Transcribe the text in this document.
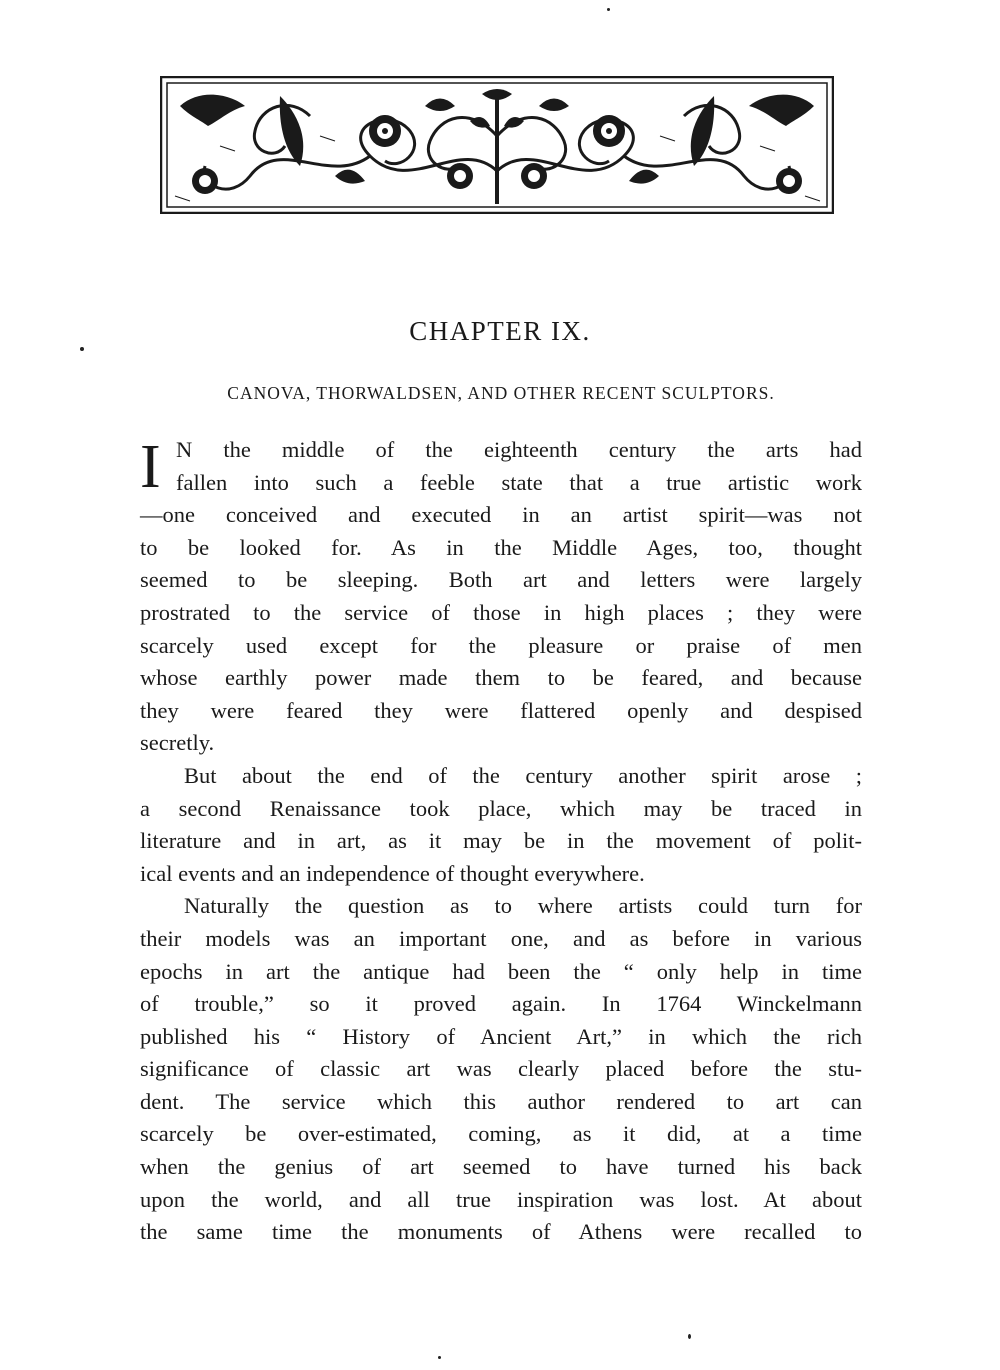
CHAPTER IX.
CANOVA, THORWALDSEN, AND OTHER RECENT SCULPTORS.
I N the middle of the eighteenth century the arts had
fallen into such a feeble state that a true artistic work
—one conceived and executed in an artist spirit—was not
to be looked for. As in the Middle Ages, too, thought
seemed to be sleeping. Both art and letters were largely
prostrated to the service of those in high places ; they were
scarcely used except for the pleasure or praise of men
whose earthly power made them to be feared, and because
they were feared they were flattered openly and despised
secretly.
But about the end of the century another spirit arose ;
a second Renaissance took place, which may be traced in
literature and in art, as it may be in the movement of polit-
ical events and an independence of thought everywhere.
Naturally the question as to where artists could turn for
their models was an important one, and as before in various
epochs in art the antique had been the “ only help in time
of trouble,” so it proved again. In 1764 Winckelmann
published his “ History of Ancient Art,” in which the rich
significance of classic art was clearly placed before the stu-
dent. The service which this author rendered to art can
scarcely be over-estimated, coming, as it did, at a time
when the genius of art seemed to have turned his back
upon the world, and all true inspiration was lost. At about
the same time the monuments of Athens were recalled to
